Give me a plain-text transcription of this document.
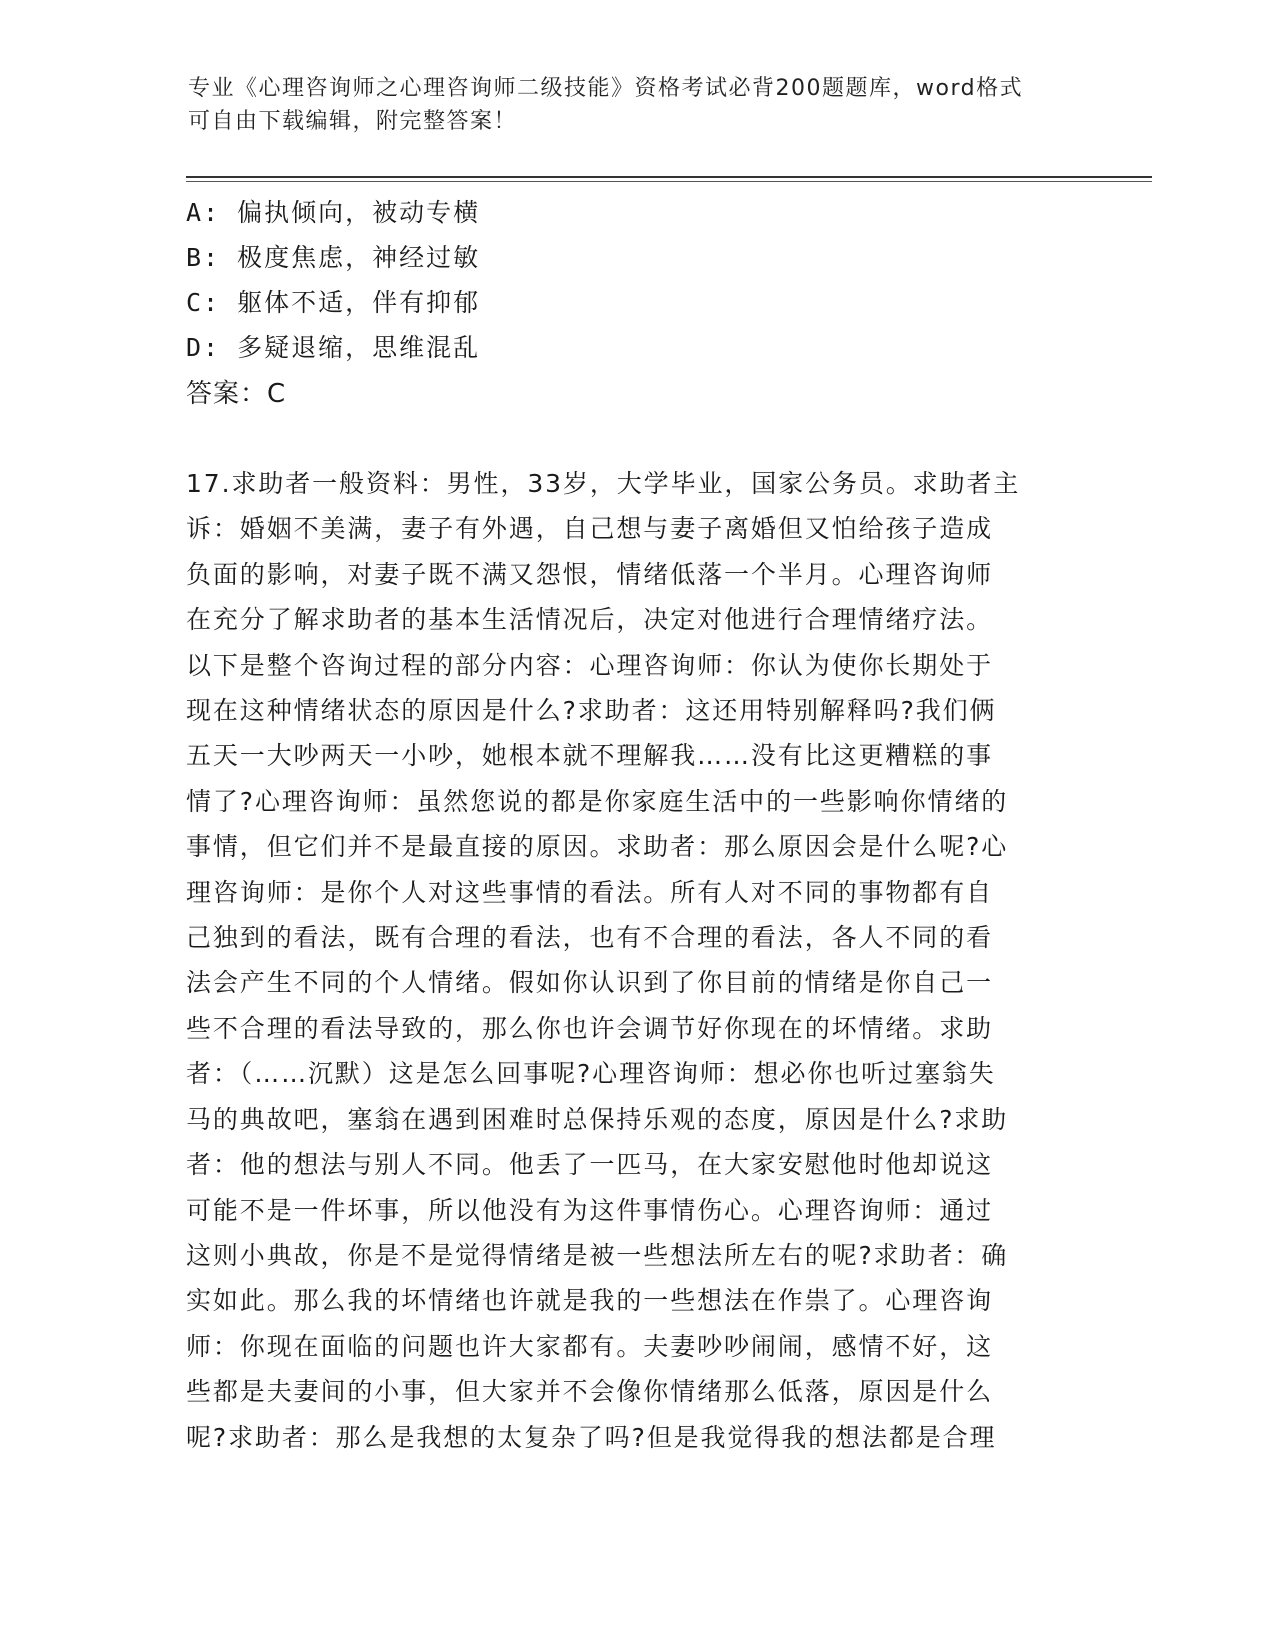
专业《心理咨询师之心理咨询师二级技能》资格考试必背200题题库，word格式
可自由下载编辑，附完整答案！
A: 偏执倾向，被动专横
B: 极度焦虑，神经过敏
C: 躯体不适，伴有抑郁
D: 多疑退缩，思维混乱
答案：C
17.求助者一般资料：男性，33岁，大学毕业，国家公务员。求助者主
诉：婚姻不美满，妻子有外遇，自己想与妻子离婚但又怕给孩子造成
负面的影响，对妻子既不满又怨恨，情绪低落一个半月。心理咨询师
在充分了解求助者的基本生活情况后，决定对他进行合理情绪疗法。
以下是整个咨询过程的部分内容：心理咨询师：你认为使你长期处于
现在这种情绪状态的原因是什么?求助者：这还用特别解释吗?我们俩
五天一大吵两天一小吵，她根本就不理解我……没有比这更糟糕的事
情了?心理咨询师：虽然您说的都是你家庭生活中的一些影响你情绪的
事情，但它们并不是最直接的原因。求助者：那么原因会是什么呢?心
理咨询师：是你个人对这些事情的看法。所有人对不同的事物都有自
己独到的看法，既有合理的看法，也有不合理的看法，各人不同的看
法会产生不同的个人情绪。假如你认识到了你目前的情绪是你自己一
些不合理的看法导致的，那么你也许会调节好你现在的坏情绪。求助
者：（……沉默）这是怎么回事呢?心理咨询师：想必你也听过塞翁失
马的典故吧，塞翁在遇到困难时总保持乐观的态度，原因是什么?求助
者：他的想法与别人不同。他丢了一匹马，在大家安慰他时他却说这
可能不是一件坏事，所以他没有为这件事情伤心。心理咨询师：通过
这则小典故，你是不是觉得情绪是被一些想法所左右的呢?求助者：确
实如此。那么我的坏情绪也许就是我的一些想法在作祟了。心理咨询
师：你现在面临的问题也许大家都有。夫妻吵吵闹闹，感情不好，这
些都是夫妻间的小事，但大家并不会像你情绪那么低落，原因是什么
呢?求助者：那么是我想的太复杂了吗?但是我觉得我的想法都是合理
